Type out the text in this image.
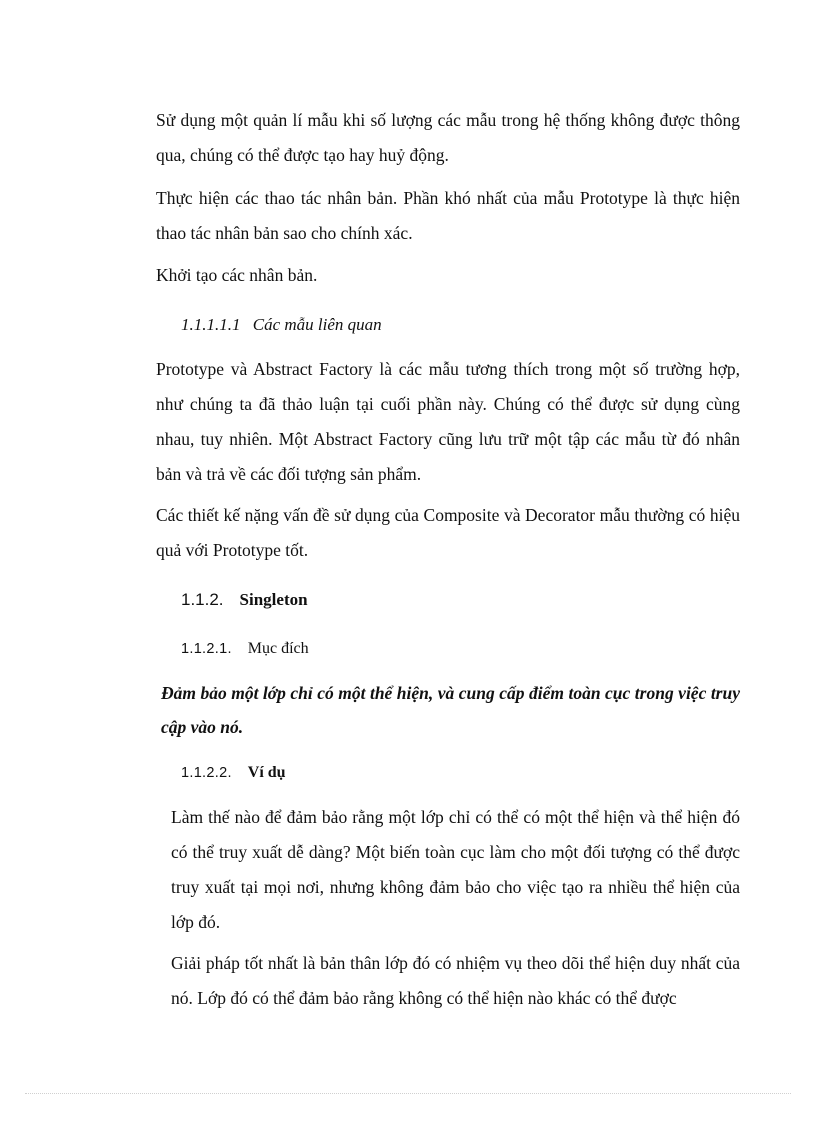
Sử dụng một quản lí mẫu khi số lượng các mẫu trong hệ thống không được thông qua, chúng có thể được tạo hay huỷ động.

Thực hiện các thao tác nhân bản. Phần khó nhất của mẫu Prototype là thực hiện thao tác nhân bản sao cho chính xác.

Khởi tạo các nhân bản.

1.1.1.1.1 Các mẫu liên quan

Prototype và Abstract Factory là các mẫu tương thích trong một số trường hợp, như chúng ta đã thảo luận tại cuối phần này. Chúng có thể được sử dụng cùng nhau, tuy nhiên. Một Abstract Factory cũng lưu trữ một tập các mẫu từ đó nhân bản và trả về các đối tượng sản phẩm.

Các thiết kế nặng vấn đề sử dụng của Composite và Decorator mẫu thường có hiệu quả với Prototype tốt.

1.1.2. Singleton
1.1.2.1. Mục đích

Đảm bảo một lớp chỉ có một thể hiện, và cung cấp điểm toàn cục trong việc truy cập vào nó.

1.1.2.2. Ví dụ

Làm thế nào để đảm bảo rằng một lớp chỉ có thể có một thể hiện và thể hiện đó có thể truy xuất dễ dàng? Một biến toàn cục làm cho một đối tượng có thể được truy xuất tại mọi nơi, nhưng không đảm bảo cho việc tạo ra nhiều thể hiện của lớp đó.

Giải pháp tốt nhất là bản thân lớp đó có nhiệm vụ theo dõi thể hiện duy nhất của nó. Lớp đó có thể đảm bảo rằng không có thể hiện nào khác có thể được
